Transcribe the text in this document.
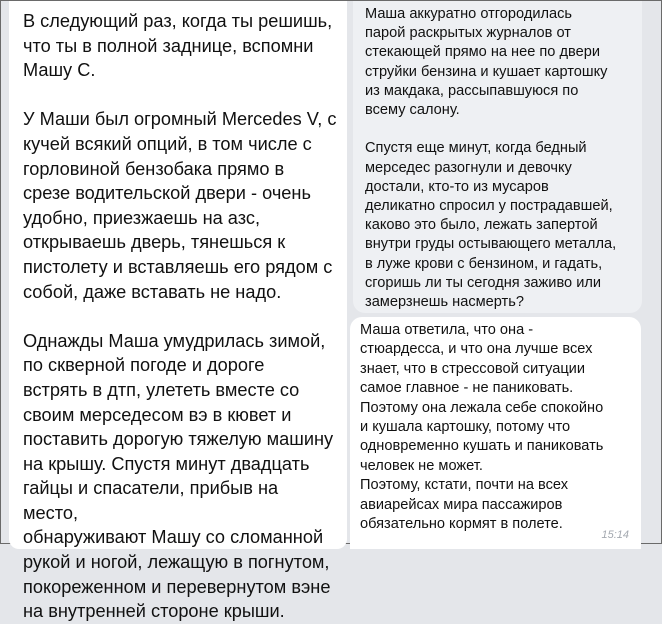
В следующий раз, когда ты решишь,
что ты в полной заднице, вспомни
Машу С.

У Маши был огромный Mercedes V, с
кучей всякий опций, в том числе с
горловиной бензобака прямо в
срезе водительской двери - очень
удобно, приезжаешь на азс,
открываешь дверь, тянешься к
пистолету и вставляешь его рядом с
собой, даже вставать не надо.

Однажды Маша умудрилась зимой,
по скверной погоде и дороге
встрять в дтп, улететь вместе со
своим мерседесом вэ в кювет и
поставить дорогую тяжелую машину
на крышу. Спустя минут двадцать
гайцы и спасатели, прибыв на место,
обнаруживают Машу со сломанной
рукой и ногой, лежащую в погнутом,
покореженном и перевернутом вэне
на внутренней стороне крыши.

Маша аккуратно отгородилась
парой раскрытых журналов от
стекающей прямо на нее по двери
струйки бензина и кушает картошку
из макдака, рассыпавшуюся по
всему салону.

Спустя еще минут, когда бедный
мерседес разогнули и девочку
достали, кто-то из мусаров
деликатно спросил у пострадавшей,
каково это было, лежать запертой
внутри груды остывающего металла,
в луже крови с бензином, и гадать,
сгоришь ли ты сегодня заживо или
замерзнешь насмерть?

Маша ответила, что она -
стюардесса, и что она лучше всех
знает, что в стрессовой ситуации
самое главное - не паниковать.
Поэтому она лежала себе спокойно
и кушала картошку, потому что
одновременно кушать и паниковать
человек не может.
Поэтому, кстати, почти на всех
авиарейсах мира пассажиров
обязательно кормят в полете.

15:14
